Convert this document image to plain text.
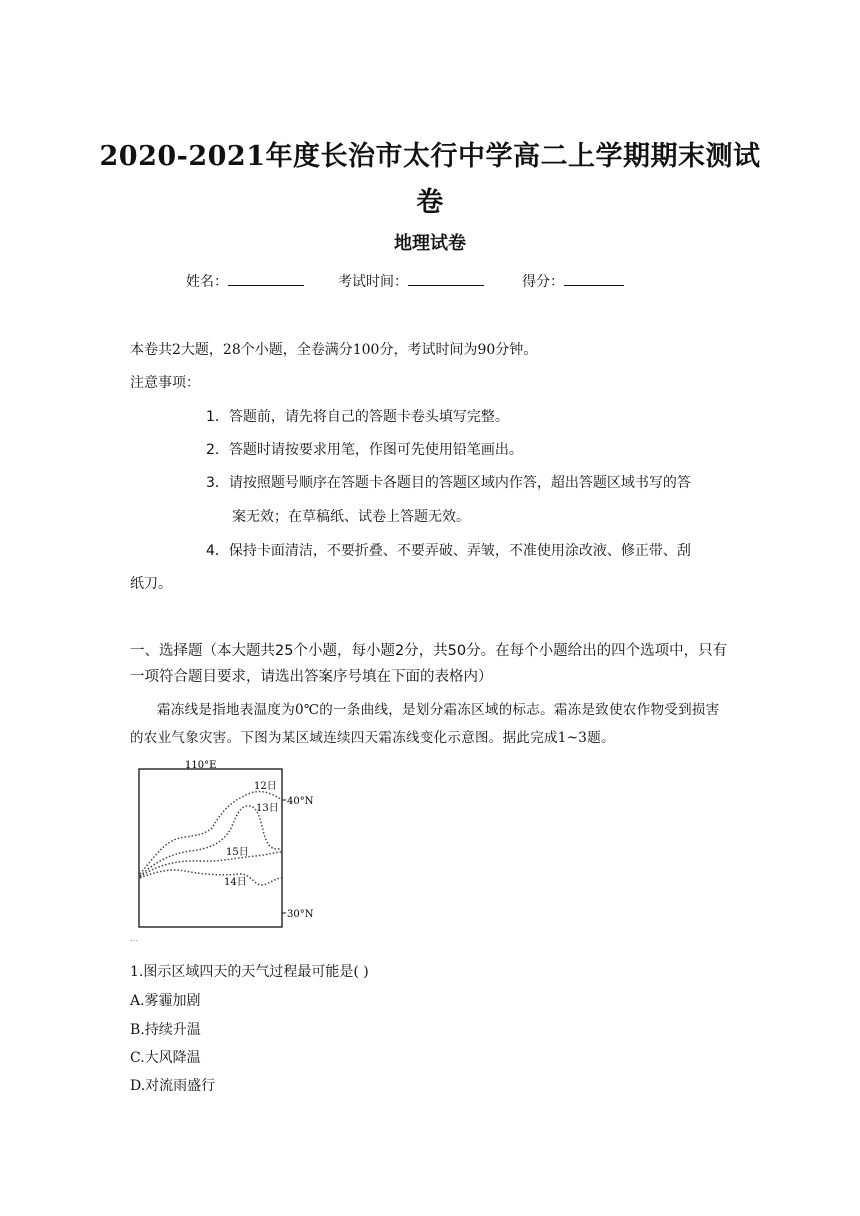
2020-2021年度长治市太行中学高二上学期期末测试
卷
地理试卷
姓名：	考试时间：	得分：
本卷共2大题，28个小题，全卷满分100分，考试时间为90分钟。
注意事项：
1．答题前，请先将自己的答题卡卷头填写完整。
2．答题时请按要求用笔，作图可先使用铅笔画出。
3．请按照题号顺序在答题卡各题目的答题区域内作答，超出答题区域书写的答
案无效；在草稿纸、试卷上答题无效。
4．保持卡面清洁，不要折叠、不要弄破、弄皱，不准使用涂改液、修正带、刮
纸刀。
一、选择题（本大题共25个小题，每小题2分，共50分。在每个小题给出的四个选项中，只有一项符合题目要求，请选出答案序号填在下面的表格内）
霜冻线是指地表温度为0℃的一条曲线，是划分霜冻区域的标志。霜冻是致使农作物受到损害的农业气象灾害。下图为某区域连续四天霜冻线变化示意图。据此完成1~3题。
110°E
40°N
30°N
12日
13日
15日
14日
…
1.图示区域四天的天气过程最可能是( )
A.雾霾加剧
B.持续升温
C.大风降温
D.对流雨盛行
